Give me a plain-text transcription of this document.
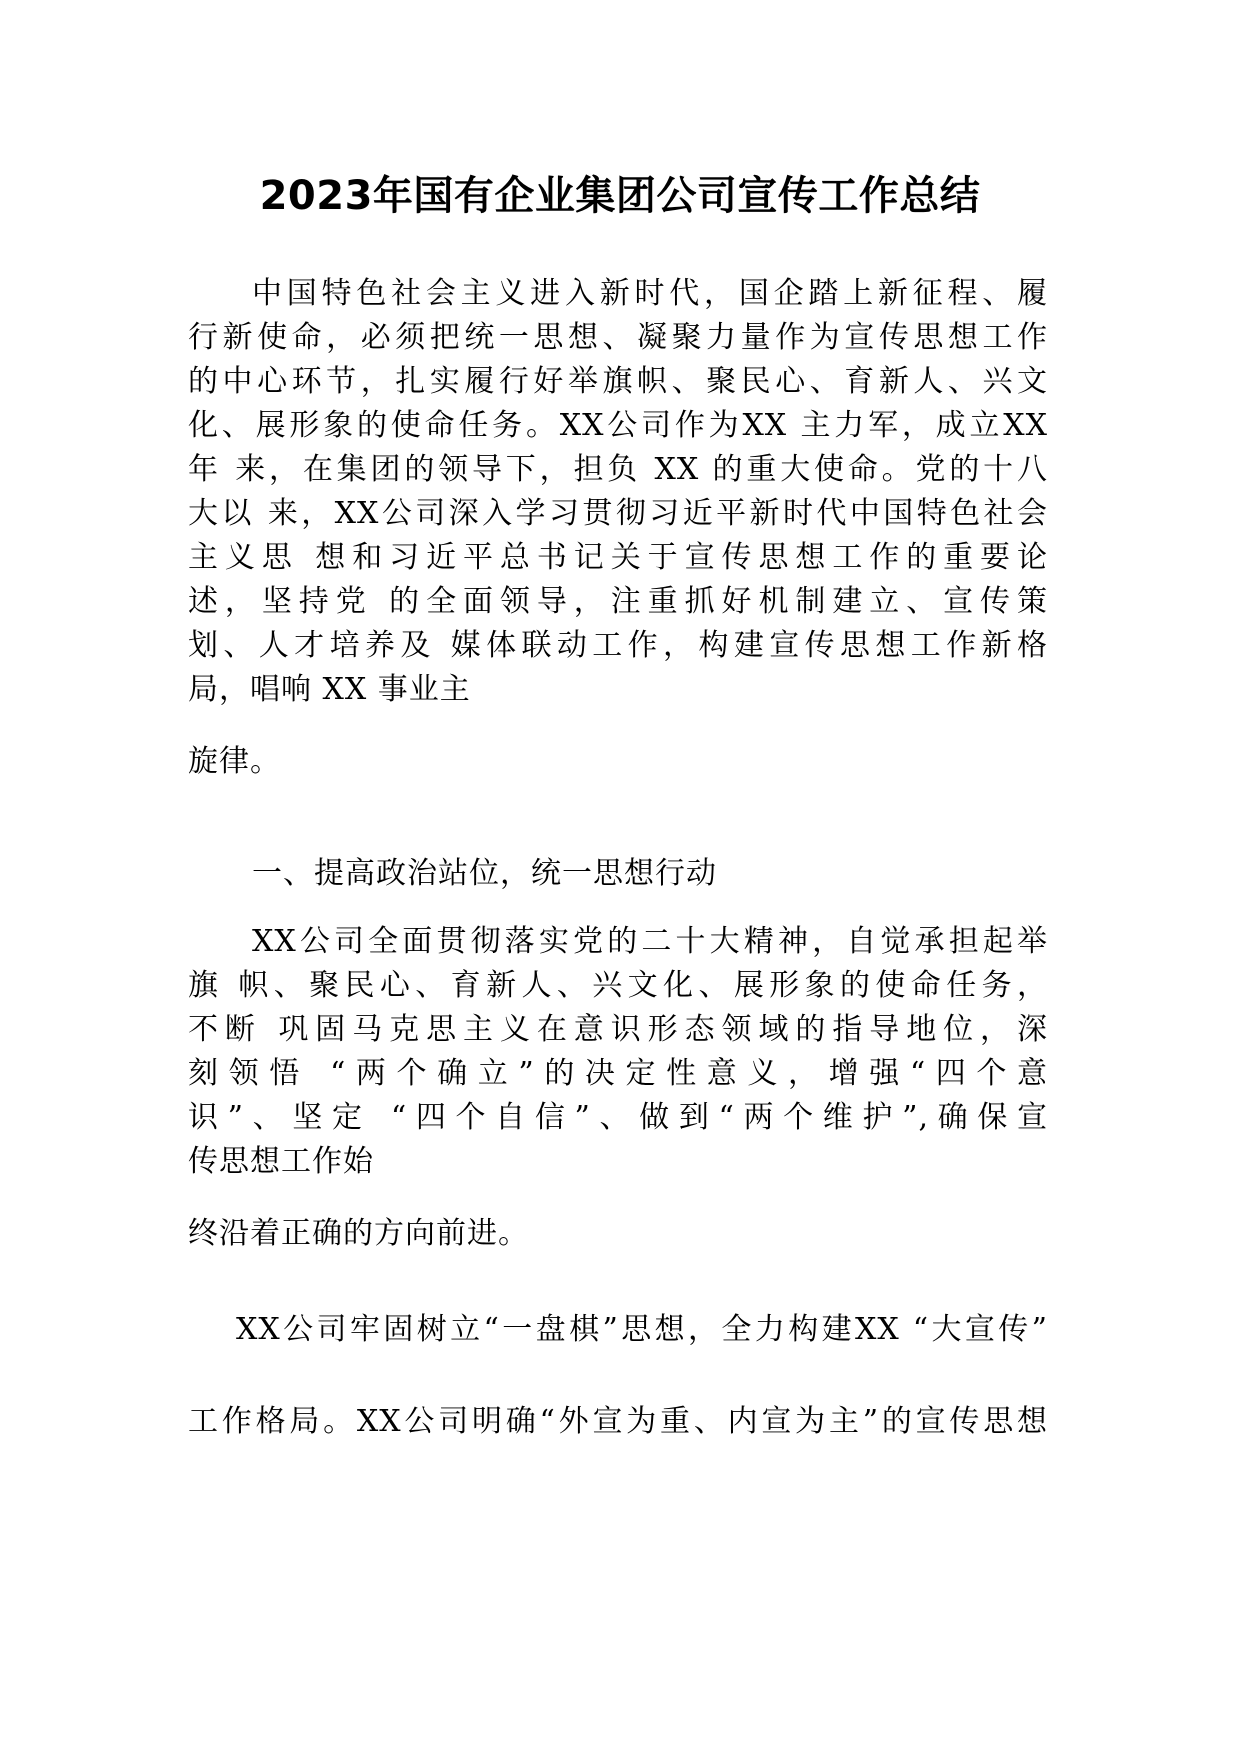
2023年国有企业集团公司宣传工作总结
中国特色社会主义进入新时代，国企踏上新征程、履
行新使命，必须把统一思想、凝聚力量作为宣传思想工作
的中心环节，扎实履行好举旗帜、聚民心、育新人、兴文
化、展形象的使命任务。XX公司作为XX 主力军，成立XX
年 来，在集团的领导下，担负 XX 的重大使命。党的十八
大以 来，XX公司深入学习贯彻习近平新时代中国特色社会
主义思 想和习近平总书记关于宣传思想工作的重要论
述，坚持党 的全面领导，注重抓好机制建立、宣传策
划、人才培养及 媒体联动工作，构建宣传思想工作新格
局，唱响 XX 事业主
旋律。
一、提高政治站位，统一思想行动
XX公司全面贯彻落实党的二十大精神，自觉承担起举
旗 帜、聚民心、育新人、兴文化、展形象的使命任务，
不断 巩固马克思主义在意识形态领域的指导地位，深
刻领悟 “两个确立”的决定性意义，增强“四个意
识”、坚定 “四个自信”、做到“两个维护”,确保宣
传思想工作始
终沿着正确的方向前进。
XX公司牢固树立“一盘棋”思想，全力构建XX “大宣传”
工作格局。XX公司明确“外宣为重、内宣为主”的宣传思想
